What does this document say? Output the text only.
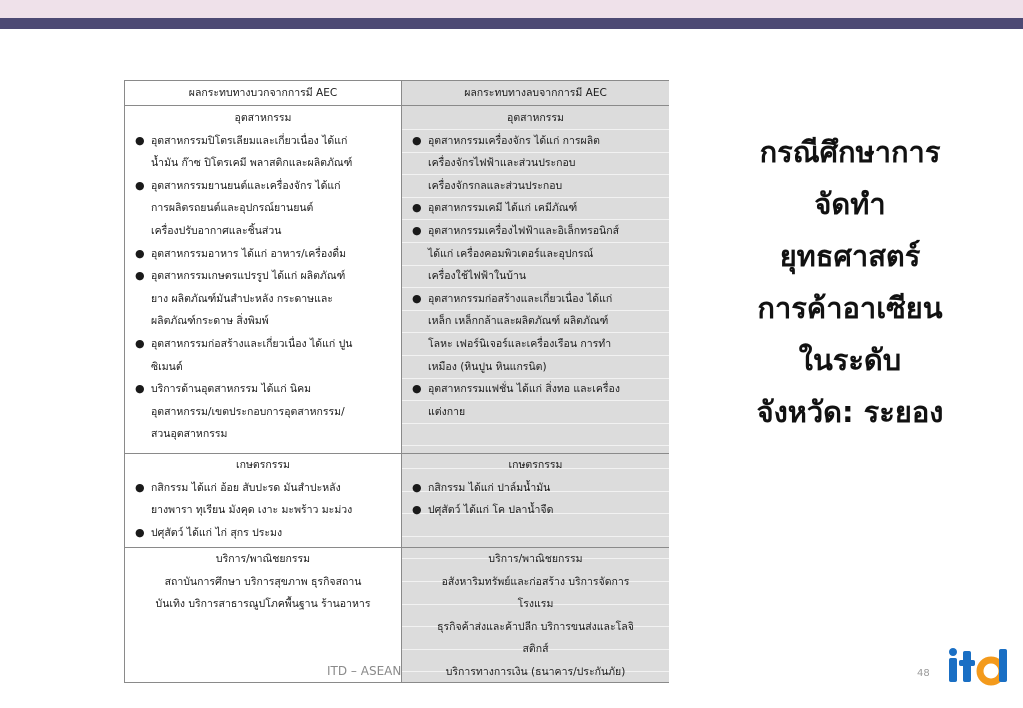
ผลกระทบทางบวกจากการมี AEC
อุตสาหกรรม
● อุตสาหกรรมปิโตรเลียมและเกี่ยวเนื่อง ได้แก่
น้ำมัน ก๊าซ ปิโตรเคมี พลาสติกและผลิตภัณฑ์
● อุตสาหกรรมยานยนต์และเครื่องจักร ได้แก่
การผลิตรถยนต์และอุปกรณ์ยานยนต์
เครื่องปรับอากาศและชิ้นส่วน
● อุตสาหกรรมอาหาร ได้แก่ อาหาร/เครื่องดื่ม
● อุตสาหกรรมเกษตรแปรรูป ได้แก่ ผลิตภัณฑ์
ยาง ผลิตภัณฑ์มันสำปะหลัง กระดาษและ
ผลิตภัณฑ์กระดาษ สิ่งพิมพ์
● อุตสาหกรรมก่อสร้างและเกี่ยวเนื่อง ได้แก่ ปูน
ซิเมนต์
● บริการด้านอุตสาหกรรม ได้แก่ นิคม
อุตสาหกรรม/เขตประกอบการอุตสาหกรรม/
สวนอุตสาหกรรม
เกษตรกรรม
● กสิกรรม ได้แก่ อ้อย สับปะรด มันสำปะหลัง
ยางพารา ทุเรียน มังคุด เงาะ มะพร้าว มะม่วง
● ปศุสัตว์ ได้แก่ ไก่ สุกร ประมง
บริการ/พาณิชยกรรม
สถาบันการศึกษา บริการสุขภาพ ธุรกิจสถาน
บันเทิง บริการสาธารณูปโภคพื้นฐาน ร้านอาหาร
ผลกระทบทางลบจากการมี AEC
อุตสาหกรรม
● อุตสาหกรรมเครื่องจักร ได้แก่ การผลิต
เครื่องจักรไฟฟ้าและส่วนประกอบ
เครื่องจักรกลและส่วนประกอบ
● อุตสาหกรรมเคมี ได้แก่ เคมีภัณฑ์
● อุตสาหกรรมเครื่องไฟฟ้าและอิเล็กทรอนิกส์
ได้แก่ เครื่องคอมพิวเตอร์และอุปกรณ์
เครื่องใช้ไฟฟ้าในบ้าน
● อุตสาหกรรมก่อสร้างและเกี่ยวเนื่อง ได้แก่
เหล็ก เหล็กกล้าและผลิตภัณฑ์ ผลิตภัณฑ์
โลหะ เฟอร์นิเจอร์และเครื่องเรือน การทำ
เหมือง (หินปูน หินแกรนิต)
● อุตสาหกรรมแฟชั่น ได้แก่ สิ่งทอ และเครื่อง
แต่งกาย
เกษตรกรรม
● กสิกรรม ได้แก่ ปาล์มน้ำมัน
● ปศุสัตว์ ได้แก่ โค ปลาน้ำจืด
บริการ/พาณิชยกรรม
อสังหาริมทรัพย์และก่อสร้าง บริการจัดการ
โรงแรม
ธุรกิจค้าส่งและค้าปลีก บริการขนส่งและโลจิ
สติกส์
บริการทางการเงิน (ธนาคาร/ประกันภัย)
กรณีศึกษาการ
จัดทำ
ยุทธศาสตร์
การค้าอาเซียน
ในระดับ
จังหวัด: ระยอง
ITD – ASEAN	48
